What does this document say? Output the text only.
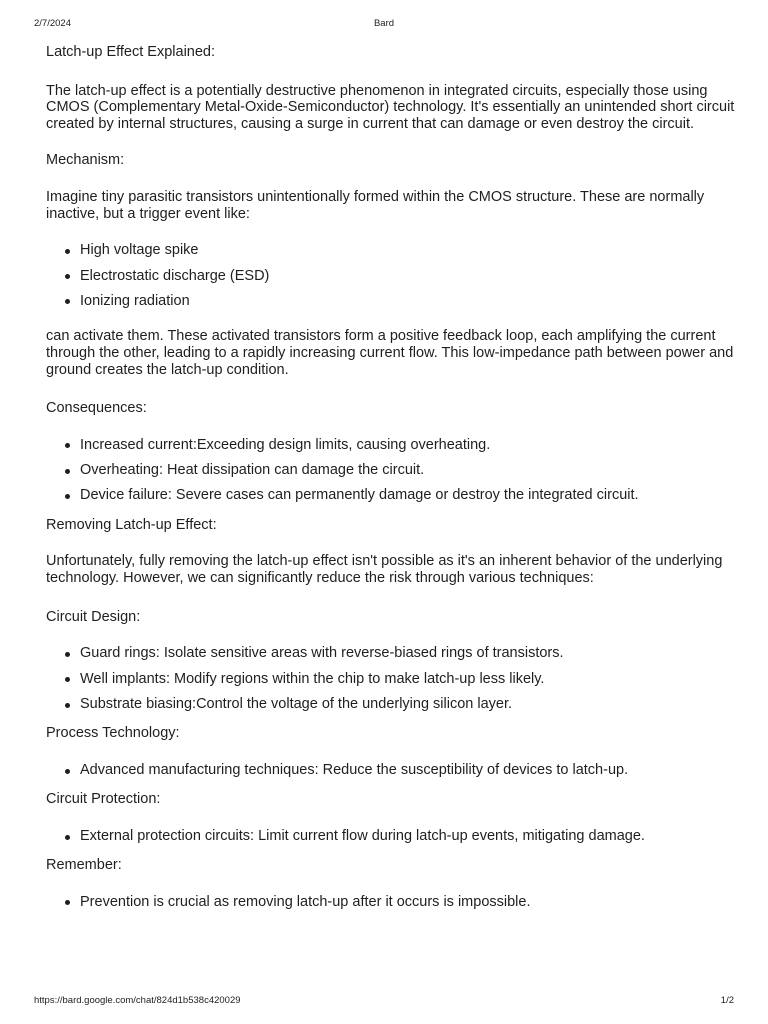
2/7/2024	Bard

Latch-up Effect Explained:

The latch-up effect is a potentially destructive phenomenon in integrated circuits, especially those using CMOS (Complementary Metal-Oxide-Semiconductor) technology. It's essentially an unintended short circuit created by internal structures, causing a surge in current that can damage or even destroy the circuit.

Mechanism:

Imagine tiny parasitic transistors unintentionally formed within the CMOS structure. These are normally inactive, but a trigger event like:

High voltage spike
Electrostatic discharge (ESD)
Ionizing radiation

can activate them. These activated transistors form a positive feedback loop, each amplifying the current through the other, leading to a rapidly increasing current flow. This low-impedance path between power and ground creates the latch-up condition.

Consequences:

Increased current:Exceeding design limits, causing overheating.
Overheating: Heat dissipation can damage the circuit.
Device failure: Severe cases can permanently damage or destroy the integrated circuit.

Removing Latch-up Effect:

Unfortunately, fully removing the latch-up effect isn't possible as it's an inherent behavior of the underlying technology. However, we can significantly reduce the risk through various techniques:

Circuit Design:

Guard rings: Isolate sensitive areas with reverse-biased rings of transistors.
Well implants: Modify regions within the chip to make latch-up less likely.
Substrate biasing:Control the voltage of the underlying silicon layer.

Process Technology:

Advanced manufacturing techniques: Reduce the susceptibility of devices to latch-up.

Circuit Protection:

External protection circuits: Limit current flow during latch-up events, mitigating damage.

Remember:

Prevention is crucial as removing latch-up after it occurs is impossible.
https://bard.google.com/chat/824d1b538c420029	1/2
